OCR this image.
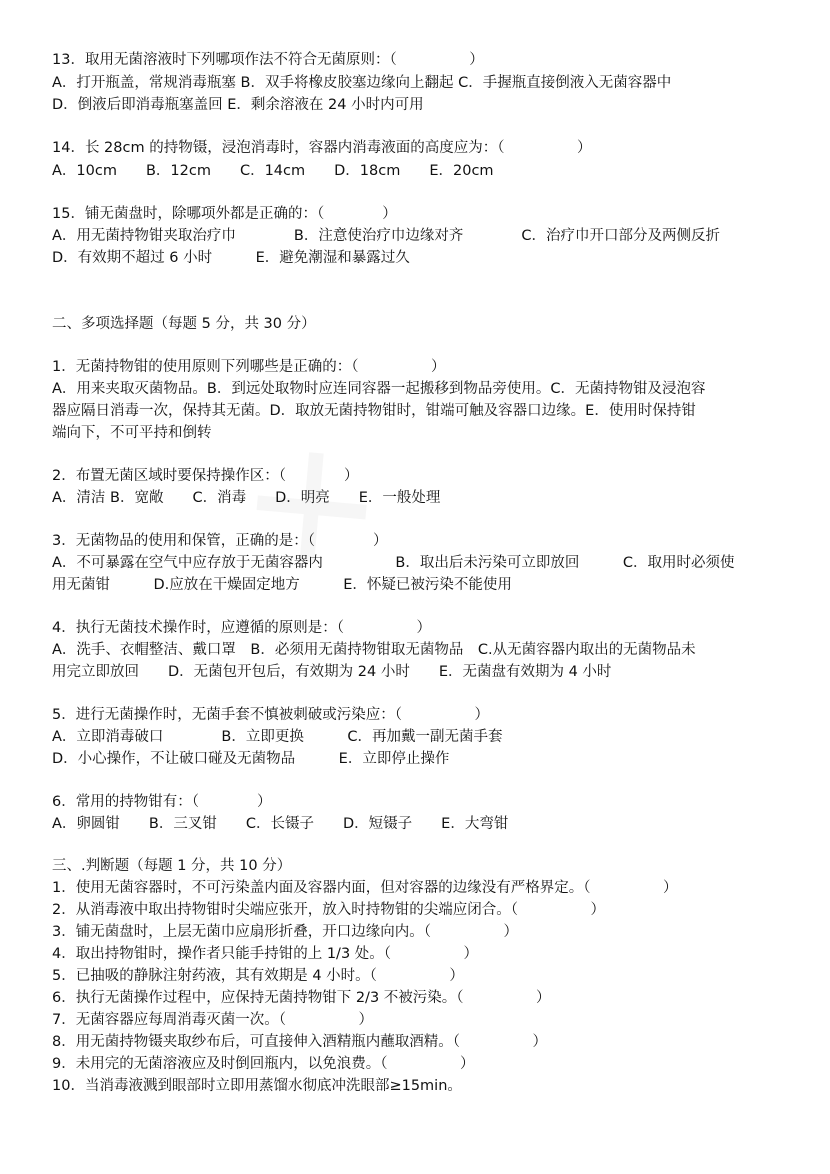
13．取用无菌溶液时下列哪项作法不符合无菌原则：（　　　　　）
A．打开瓶盖，常规消毒瓶塞 B．双手将橡皮胶塞边缘向上翻起 C．手握瓶直接倒液入无菌容器中
D．倒液后即消毒瓶塞盖回 E．剩余溶液在 24 小时内可用
14．长 28cm 的持物镊，浸泡消毒时，容器内消毒液面的高度应为：（　　　　　）
A．10cm　　B．12cm　　C．14cm　　D．18cm　　E．20cm
15．铺无菌盘时，除哪项外都是正确的：（　　　　）
A．用无菌持物钳夹取治疗巾　　　　B．注意使治疗巾边缘对齐　　　　C．治疗巾开口部分及两侧反折
D．有效期不超过 6 小时　　　E．避免潮湿和暴露过久
二、多项选择题（每题 5 分，共 30 分）
1．无菌持物钳的使用原则下列哪些是正确的：（　　　　　）
A．用来夹取灭菌物品。B．到远处取物时应连同容器一起搬移到物品旁使用。C．无菌持物钳及浸泡容
器应隔日消毒一次，保持其无菌。D．取放无菌持物钳时，钳端可触及容器口边缘。E．使用时保持钳
端向下，不可平持和倒转
2．布置无菌区域时要保持操作区：（　　　　）
A．清洁 B．宽敞　　C．消毒　　D．明亮　　E．一般处理
3．无菌物品的使用和保管，正确的是：（　　　　）
A．不可暴露在空气中应存放于无菌容器内　　　　　B．取出后未污染可立即放回　　　C．取用时必须使
用无菌钳　　　D.应放在干燥固定地方　　　E．怀疑已被污染不能使用
4．执行无菌技术操作时，应遵循的原则是：（　　　　　）
A．洗手、衣帽整洁、戴口罩　B．必须用无菌持物钳取无菌物品　C.从无菌容器内取出的无菌物品未
用完立即放回　　D．无菌包开包后，有效期为 24 小时　　E．无菌盘有效期为 4 小时
5．进行无菌操作时，无菌手套不慎被刺破或污染应：（　　　　　）
A．立即消毒破口　　　　B．立即更换　　　C．再加戴一副无菌手套
D．小心操作，不让破口碰及无菌物品　　　E．立即停止操作
6．常用的持物钳有：（　　　　）
A．卵圆钳　　B．三叉钳　　C．长镊子　　D．短镊子　　E．大弯钳
三、.判断题（每题 1 分，共 10 分）
1．使用无菌容器时，不可污染盖内面及容器内面，但对容器的边缘没有严格界定。（　　　　　）
2．从消毒液中取出持物钳时尖端应张开，放入时持物钳的尖端应闭合。（　　　　　）
3．铺无菌盘时，上层无菌巾应扇形折叠，开口边缘向内。（　　　　　）
4．取出持物钳时，操作者只能手持钳的上 1/3 处。（　　　　　）
5．已抽吸的静脉注射药液，其有效期是 4 小时。（　　　　　）
6．执行无菌操作过程中，应保持无菌持物钳下 2/3 不被污染。（　　　　　）
7．无菌容器应每周消毒灭菌一次。（　　　　　）
8．用无菌持物镊夹取纱布后，可直接伸入酒精瓶内蘸取酒精。（　　　　　）
9．未用完的无菌溶液应及时倒回瓶内，以免浪费。（　　　　　）
10．当消毒液溅到眼部时立即用蒸馏水彻底冲洗眼部≥15min。
